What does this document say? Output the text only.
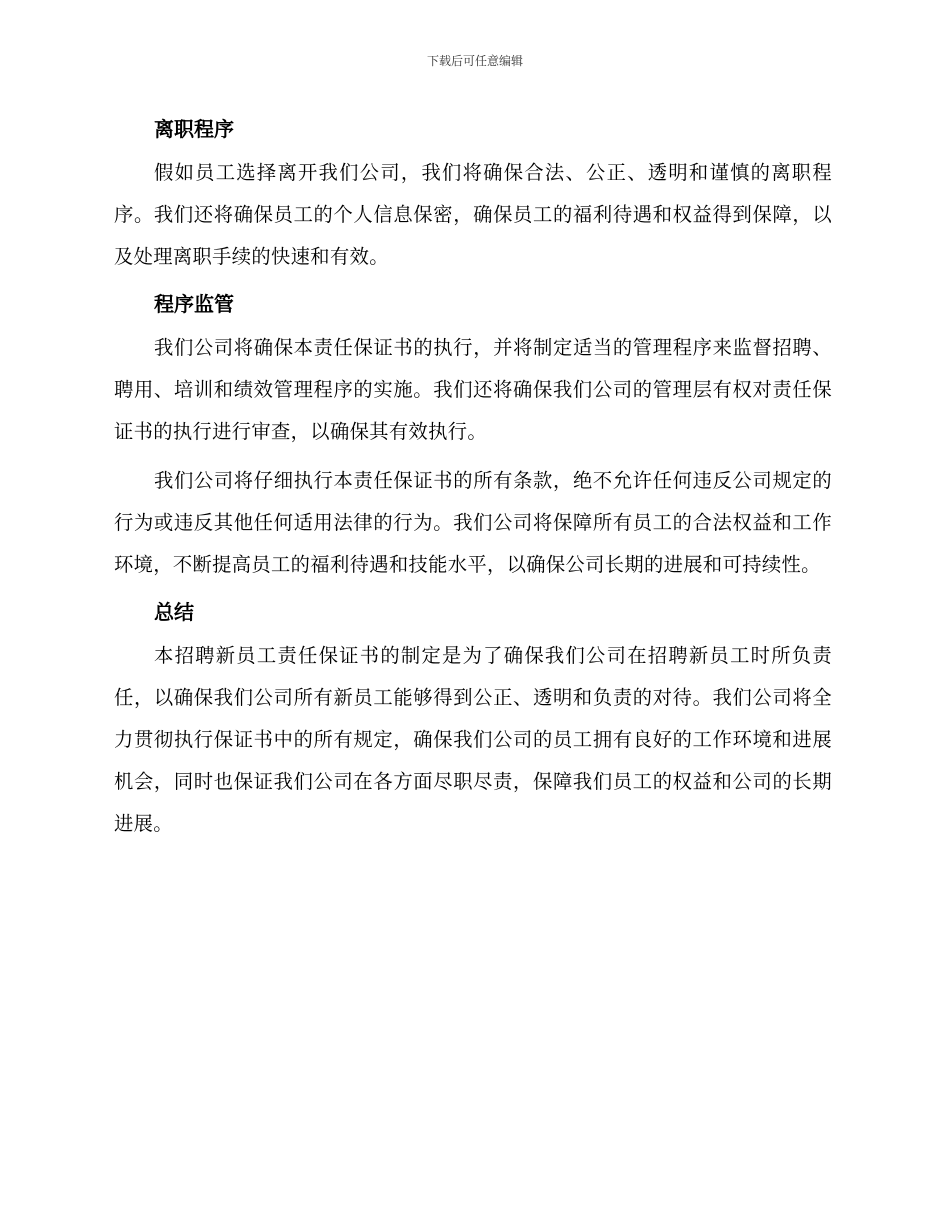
下载后可任意编辑
离职程序

假如员工选择离开我们公司，我们将确保合法、公正、透明和谨慎的离职程序。我们还将确保员工的个人信息保密，确保员工的福利待遇和权益得到保障，以及处理离职手续的快速和有效。

程序监管

我们公司将确保本责任保证书的执行，并将制定适当的管理程序来监督招聘、聘用、培训和绩效管理程序的实施。我们还将确保我们公司的管理层有权对责任保证书的执行进行审查，以确保其有效执行。

我们公司将仔细执行本责任保证书的所有条款，绝不允许任何违反公司规定的行为或违反其他任何适用法律的行为。我们公司将保障所有员工的合法权益和工作环境，不断提高员工的福利待遇和技能水平，以确保公司长期的进展和可持续性。

总结

本招聘新员工责任保证书的制定是为了确保我们公司在招聘新员工时所负责任，以确保我们公司所有新员工能够得到公正、透明和负责的对待。我们公司将全力贯彻执行保证书中的所有规定，确保我们公司的员工拥有良好的工作环境和进展机会，同时也保证我们公司在各方面尽职尽责，保障我们员工的权益和公司的长期进展。
